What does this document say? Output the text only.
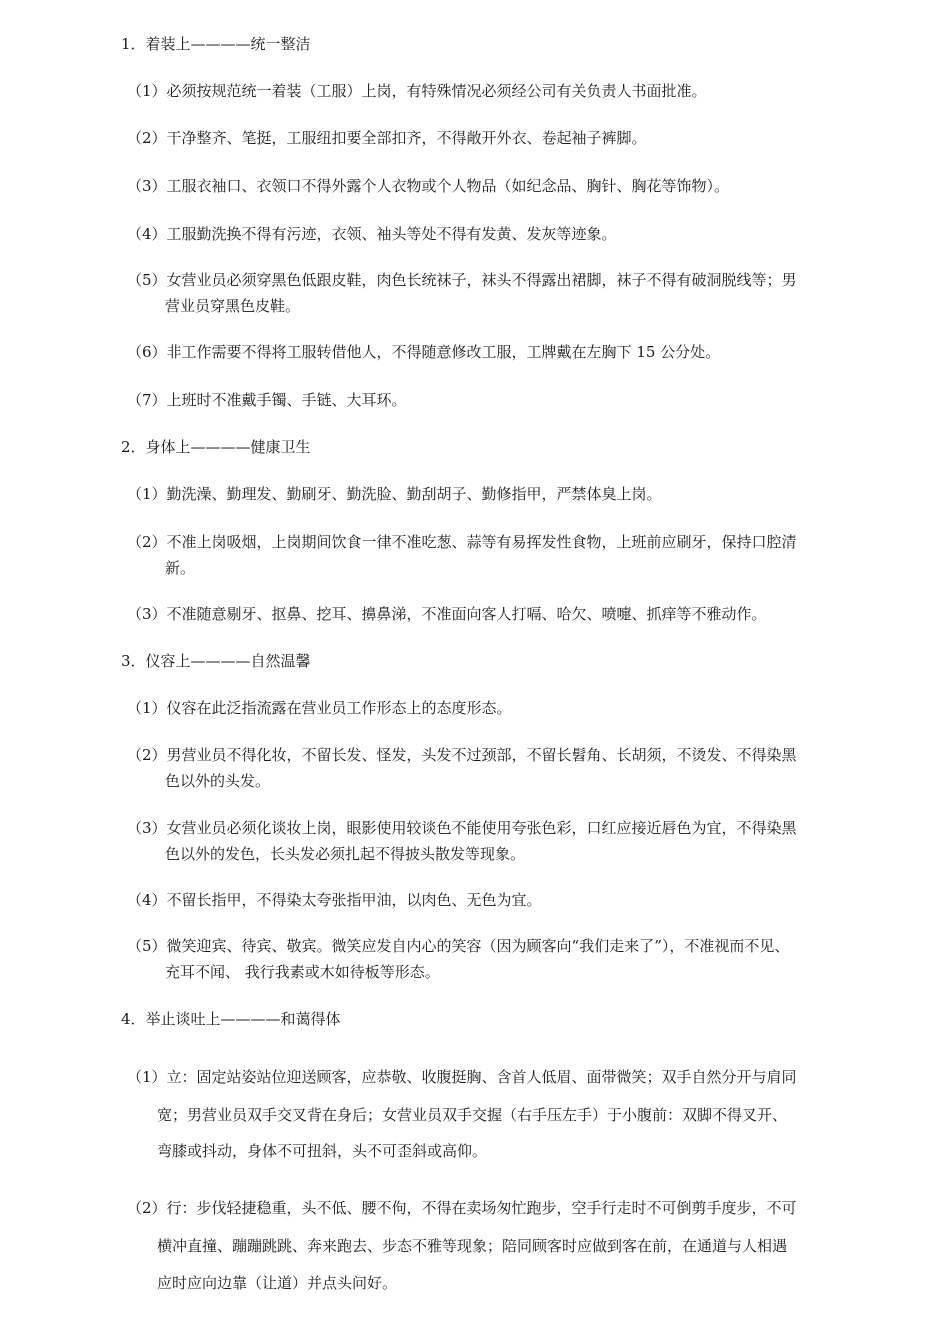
1．着装上————统一整洁
（1）必须按规范统一着装（工服）上岗，有特殊情况必须经公司有关负责人书面批准。
（2）干净整齐、笔挺，工服纽扣要全部扣齐，不得敞开外衣、卷起袖子裤脚。
（3）工服衣袖口、衣领口不得外露个人衣物或个人物品（如纪念品、胸针、胸花等饰物）。
（4）工服勤洗换不得有污迹，衣领、袖头等处不得有发黄、发灰等迹象。
（5）女营业员必须穿黑色低跟皮鞋，肉色长统袜子，袜头不得露出裙脚，袜子不得有破洞脱线等；男
营业员穿黑色皮鞋。
（6）非工作需要不得将工服转借他人，不得随意修改工服，工牌戴在左胸下 15 公分处。
（7）上班时不准戴手镯、手链、大耳环。
2．身体上————健康卫生
（1）勤洗澡、勤理发、勤刷牙、勤洗脸、勤刮胡子、勤修指甲，严禁体臭上岗。
（2）不准上岗吸烟，上岗期间饮食一律不准吃葱、蒜等有易挥发性食物，上班前应刷牙，保持口腔清
新。
（3）不准随意剔牙、抠鼻、挖耳、擤鼻涕，不准面向客人打嗝、哈欠、喷嚏、抓痒等不雅动作。
3．仪容上————自然温馨
（1）仪容在此泛指流露在营业员工作形态上的态度形态。
（2）男营业员不得化妆，不留长发、怪发，头发不过颈部，不留长髫角、长胡须，不烫发、不得染黑
色以外的头发。
（3）女营业员必须化谈妆上岗，眼影使用较谈色不能使用夸张色彩，口红应接近唇色为宜，不得染黑
色以外的发色，长头发必须扎起不得披头散发等现象。
（4）不留长指甲，不得染太夸张指甲油，以肉色、无色为宜。
（5）微笑迎宾、待宾、敬宾。微笑应发自内心的笑容（因为顾客向“我们走来了”），不准视而不见、
充耳不闻、 我行我素或木如待板等形态。
4．举止谈吐上————和蔼得体
（1）立：固定站姿站位迎送顾客，应恭敬、收腹挺胸、含首人低眉、面带微笑；双手自然分开与肩同
宽；男营业员双手交叉背在身后；女营业员双手交握（右手压左手）于小腹前：双脚不得叉开、
弯膝或抖动，身体不可扭斜，头不可歪斜或高仰。
（2）行：步伐轻捷稳重，头不低、腰不佝，不得在卖场匆忙跑步，空手行走时不可倒剪手度步，不可
横冲直撞、蹦蹦跳跳、奔来跑去、步态不雅等现象；陪同顾客时应做到客在前，在通道与人相遇
应时应向边靠（让道）并点头问好。
